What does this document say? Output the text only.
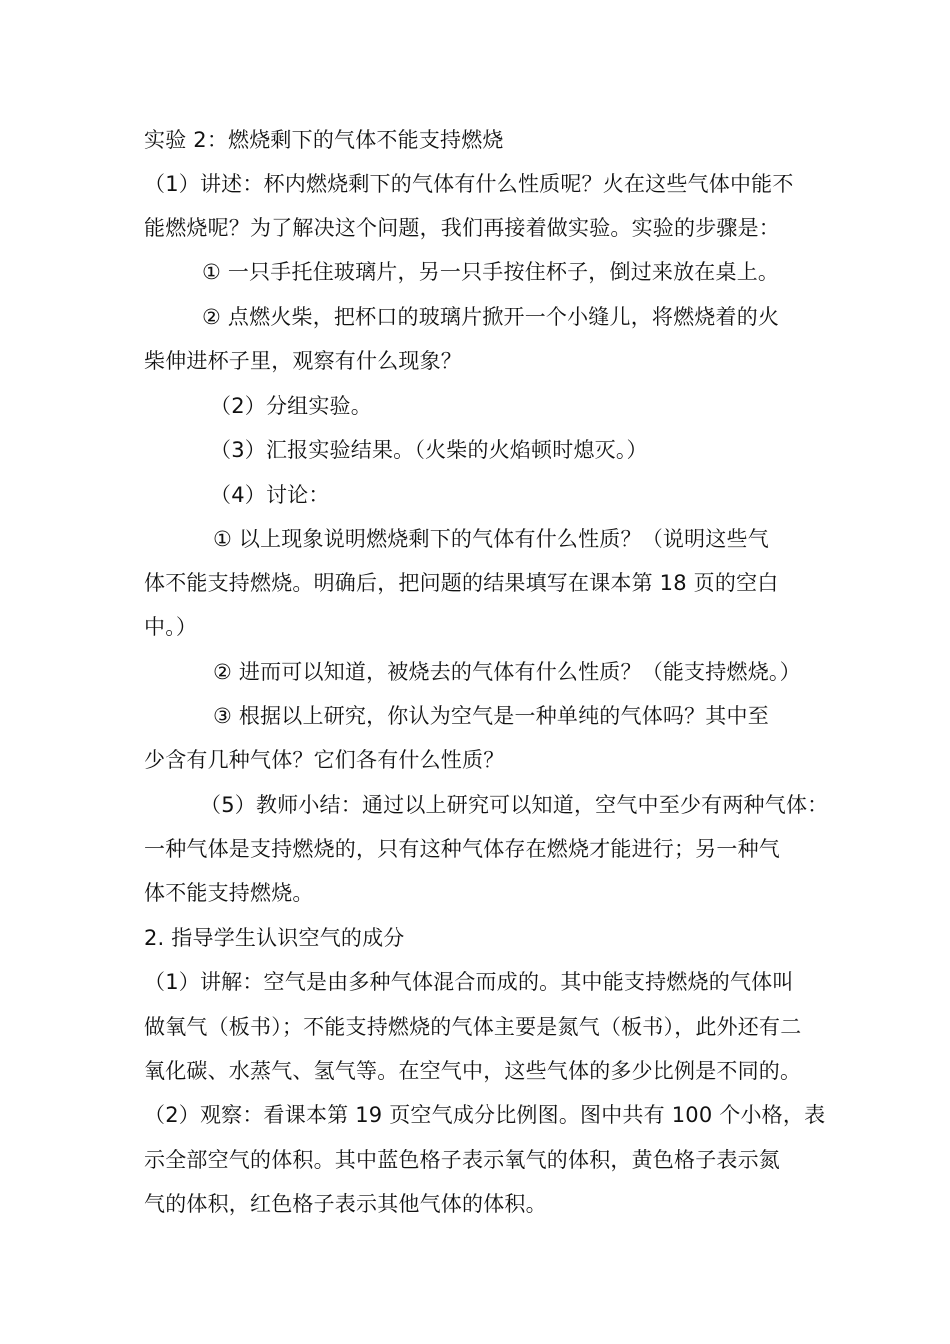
实验 2：燃烧剩下的气体不能支持燃烧
（1）讲述：杯内燃烧剩下的气体有什么性质呢？火在这些气体中能不
能燃烧呢？为了解决这个问题，我们再接着做实验。实验的步骤是：
① 一只手托住玻璃片，另一只手按住杯子，倒过来放在桌上。
② 点燃火柴，把杯口的玻璃片掀开一个小缝儿，将燃烧着的火
柴伸进杯子里，观察有什么现象？
（2）分组实验。
（3）汇报实验结果。（火柴的火焰顿时熄灭。）
（4）讨论：
① 以上现象说明燃烧剩下的气体有什么性质？（说明这些气
体不能支持燃烧。明确后，把问题的结果填写在课本第 18 页的空白
中。）
② 进而可以知道，被烧去的气体有什么性质？（能支持燃烧。）
③ 根据以上研究，你认为空气是一种单纯的气体吗？其中至
少含有几种气体？它们各有什么性质？
（5）教师小结：通过以上研究可以知道，空气中至少有两种气体：
一种气体是支持燃烧的，只有这种气体存在燃烧才能进行；另一种气
体不能支持燃烧。
2. 指导学生认识空气的成分
（1）讲解：空气是由多种气体混合而成的。其中能支持燃烧的气体叫
做氧气（板书）；不能支持燃烧的气体主要是氮气（板书），此外还有二
氧化碳、水蒸气、氢气等。在空气中，这些气体的多少比例是不同的。
（2）观察：看课本第 19 页空气成分比例图。图中共有 100 个小格，表
示全部空气的体积。其中蓝色格子表示氧气的体积，黄色格子表示氮
气的体积，红色格子表示其他气体的体积。
